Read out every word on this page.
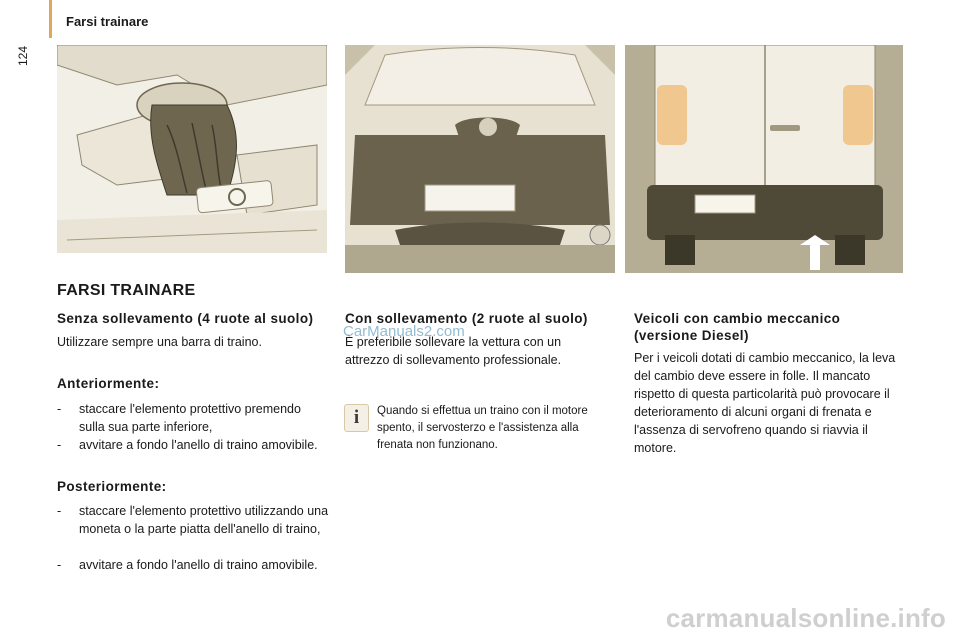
Farsi trainare
124
FARSI TRAINARE
Senza sollevamento (4 ruote al suolo)
Utilizzare sempre una barra di traino.
Anteriormente:
- staccare l'elemento protettivo premendo sulla sua parte inferiore,
- avvitare a fondo l'anello di traino amovibile.
Posteriormente:
- staccare l'elemento protettivo utilizzando una moneta o la parte piatta dell'anello di traino,
- avvitare a fondo l'anello di traino amovibile.
Con sollevamento (2 ruote al suolo)
È preferibile sollevare la vettura con un attrezzo di sollevamento professionale.
CarManuals2.com
i	Quando si effettua un traino con il motore spento, il servosterzo e l'assistenza alla frenata non funzionano.
Veicoli con cambio meccanico (versione Diesel)
Per i veicoli dotati di cambio meccanico, la leva del cambio deve essere in folle. Il mancato rispetto di questa particolarità può provocare il deterioramento di alcuni organi di frenata e l'assenza di servofreno quando si riavvia il motore.
carmanualsonline.info
